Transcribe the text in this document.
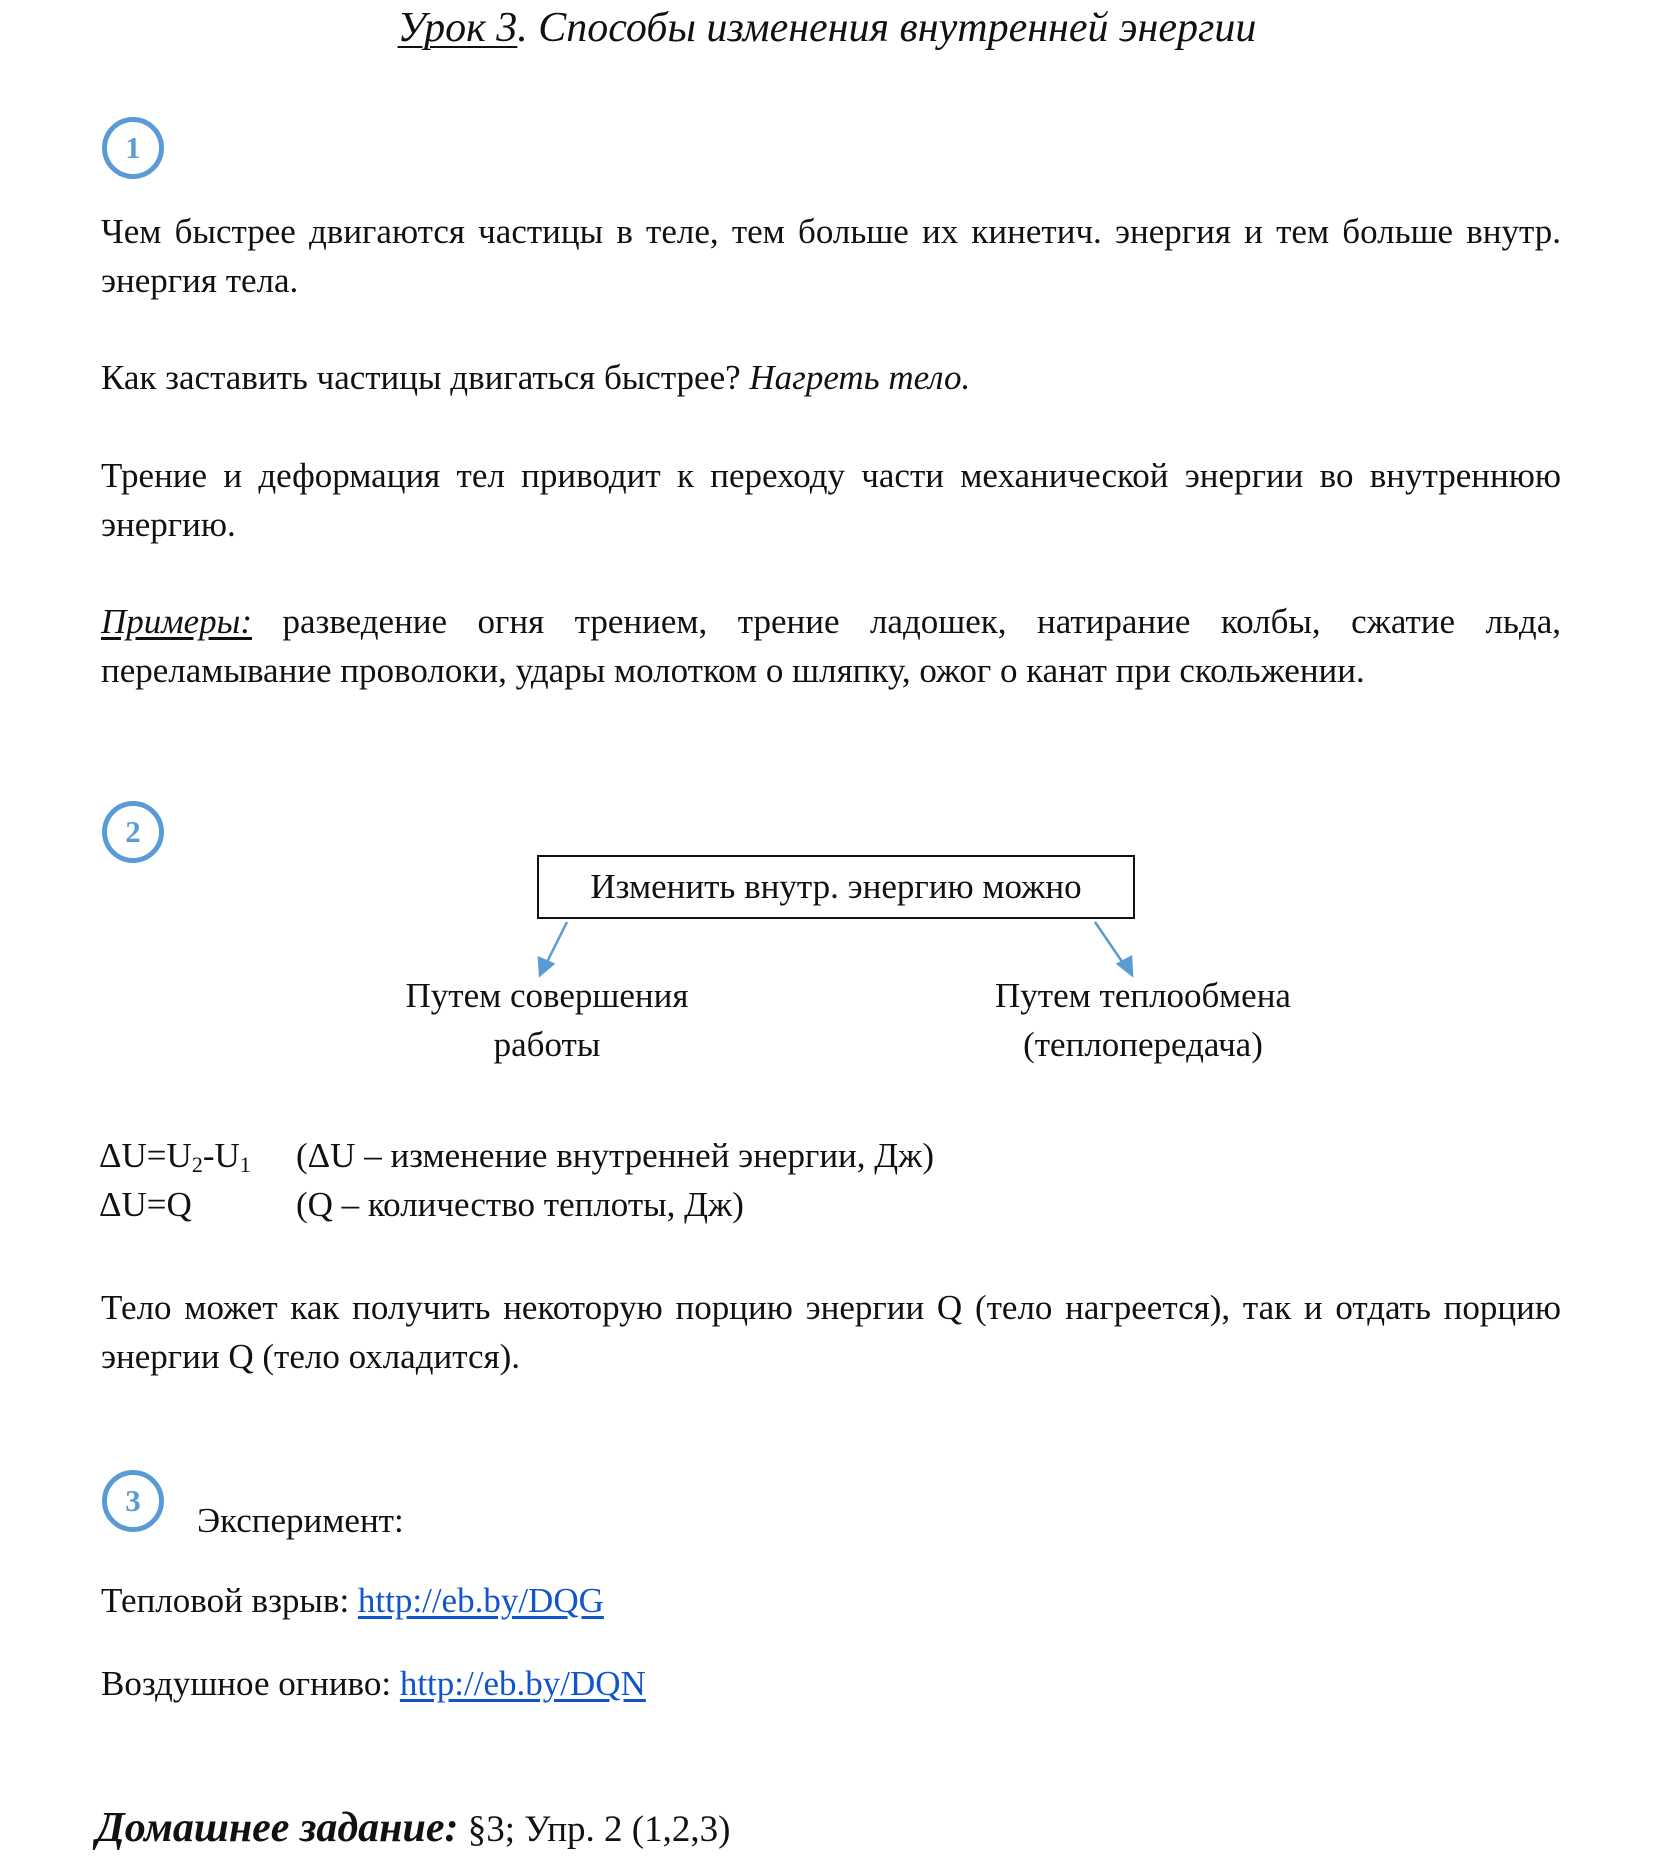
Урок 3. Способы изменения внутренней энергии
1
Чем быстрее двигаются частицы в теле, тем больше их кинетич. энергия и тем больше внутр. энергия тела.
Как заставить частицы двигаться быстрее? Нагреть тело.
Трение и деформация тел приводит к переходу части механической энергии во внутреннюю энергию.
Примеры: разведение огня трением, трение ладошек, натирание колбы, сжатие льда, переламывание проволоки, удары молотком о шляпку, ожог о канат при скольжении.
2
Изменить внутр. энергию можно
Путем совершения
работы
Путем теплообмена
(теплопередача)
$\Delta U=U_2-U_1$ (ΔU – изменение внутренней энергии, Дж)
ΔU=Q	(Q – количество теплоты, Дж)
Тело может как получить некоторую порцию энергии Q (тело нагреется), так и отдать порцию энергии Q (тело охладится).
3
Эксперимент:
Тепловой взрыв: http://eb.by/DQG
Воздушное огниво: http://eb.by/DQN
Домашнее задание: §3; Упр. 2 (1,2,3)
